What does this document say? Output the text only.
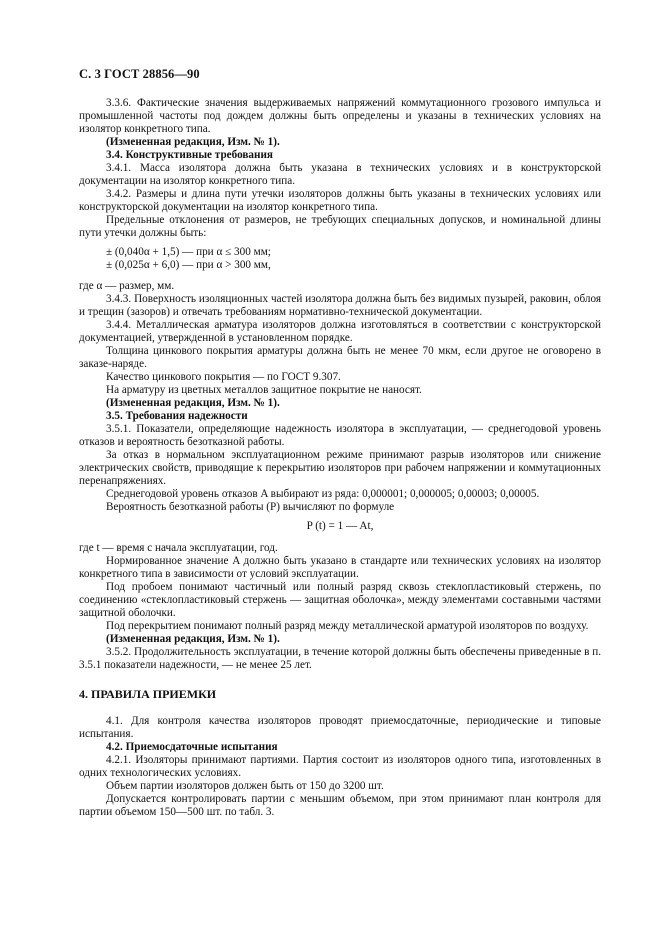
С. 3 ГОСТ 28856—90

3.3.6. Фактические значения выдерживаемых напряжений коммутационного грозового импульса и промышленной частоты под дождем должны быть определены и указаны в технических условиях на изолятор конкретного типа.

(Измененная редакция, Изм. № 1).

3.4. Конструктивные требования

3.4.1. Масса изолятора должна быть указана в технических условиях и в конструкторской документации на изолятор конкретного типа.

3.4.2. Размеры и длина пути утечки изоляторов должны быть указаны в технических условиях или конструкторской документации на изолятор конкретного типа.

Предельные отклонения от размеров, не требующих специальных допусков, и номинальной длины пути утечки должны быть:

± (0,040α + 1,5) — при α ≤ 300 мм;

± (0,025α + 6,0) — при α > 300 мм,

где α — размер, мм.

3.4.3. Поверхность изоляционных частей изолятора должна быть без видимых пузырей, раковин, облоя и трещин (зазоров) и отвечать требованиям нормативно-технической документации.

3.4.4. Металлическая арматура изоляторов должна изготовляться в соответствии с конструкторской документацией, утвержденной в установленном порядке.

Толщина цинкового покрытия арматуры должна быть не менее 70 мкм, если другое не оговорено в заказе-наряде.

Качество цинкового покрытия — по ГОСТ 9.307.

На арматуру из цветных металлов защитное покрытие не наносят.

(Измененная редакция, Изм. № 1).

3.5. Требования надежности

3.5.1. Показатели, определяющие надежность изолятора в эксплуатации, — среднегодовой уровень отказов и вероятность безотказной работы.

За отказ в нормальном эксплуатационном режиме принимают разрыв изоляторов или снижение электрических свойств, приводящие к перекрытию изоляторов при рабочем напряжении и коммутационных перенапряжениях.

Среднегодовой уровень отказов A выбирают из ряда: 0,000001; 0,000005; 0,00003; 0,00005.

Вероятность безотказной работы (P) вычисляют по формуле

P (t) = 1 — At,

где t — время с начала эксплуатации, год.

Нормированное значение A должно быть указано в стандарте или технических условиях на изолятор конкретного типа в зависимости от условий эксплуатации.

Под пробоем понимают частичный или полный разряд сквозь стеклопластиковый стержень, по соединению «стеклопластиковый стержень — защитная оболочка», между элементами составными частями защитной оболочки.

Под перекрытием понимают полный разряд между металлической арматурой изоляторов по воздуху.

(Измененная редакция, Изм. № 1).

3.5.2. Продолжительность эксплуатации, в течение которой должны быть обеспечены приведенные в п. 3.5.1 показатели надежности, — не менее 25 лет.

4. ПРАВИЛА ПРИЕМКИ

4.1. Для контроля качества изоляторов проводят приемосдаточные, периодические и типовые испытания.

4.2. Приемосдаточные испытания

4.2.1. Изоляторы принимают партиями. Партия состоит из изоляторов одного типа, изготовленных в одних технологических условиях.

Объем партии изоляторов должен быть от 150 до 3200 шт.

Допускается контролировать партии с меньшим объемом, при этом принимают план контроля для партии объемом 150—500 шт. по табл. 3.
